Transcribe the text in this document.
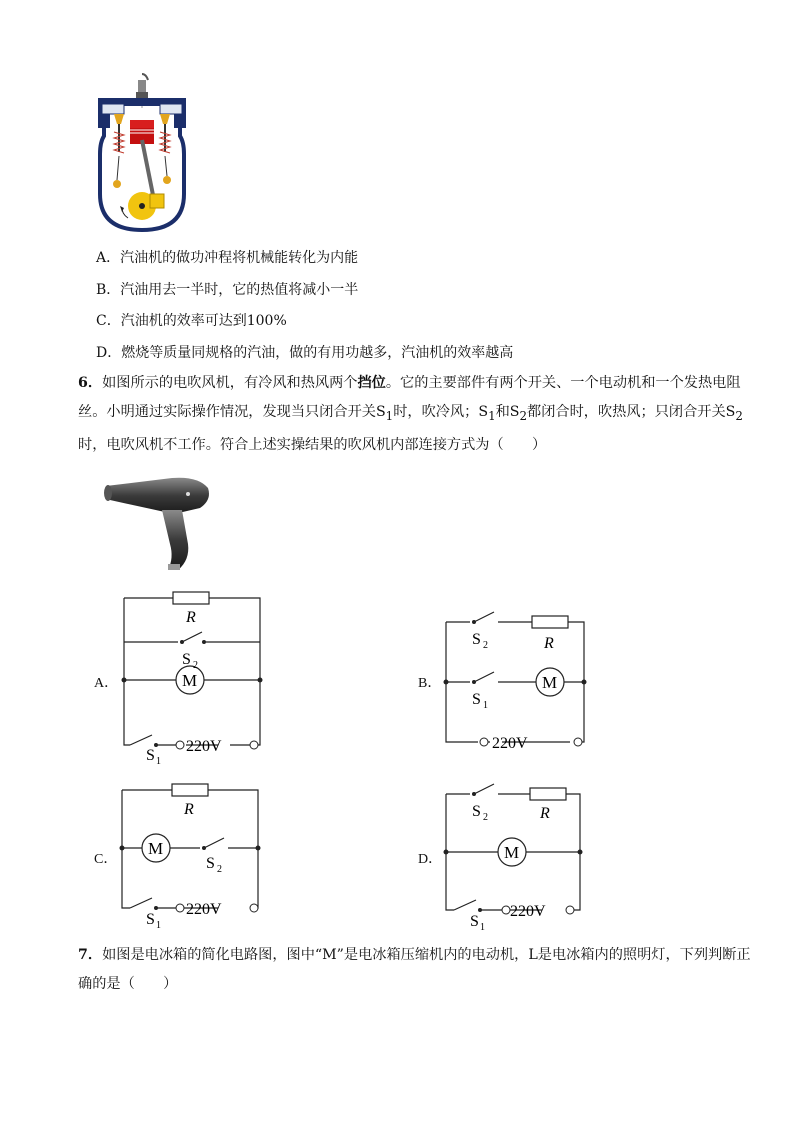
A．汽油机的做功冲程将机械能转化为内能
B．汽油用去一半时，它的热值将减小一半
C．汽油机的效率可达到100%
D．燃烧等质量同规格的汽油，做的有用功越多，汽油机的效率越高
6．如图所示的电吹风机，有冷风和热风两个挡位。它的主要部件有两个开关、一个电动机和一个发热电阻丝。小明通过实际操作情况，发现当只闭合开关$S_1$时，吹冷风；$S_1$和$S_2$都闭合时，吹热风；只闭合开关$S_2$时，电吹风机不工作。符合上述实操结果的吹风机内部连接方式为（　　）
A．
R
M
S 2
S 1
220V
B．
R
M
S 2
S 1
220V
C．
R
M
S 2
S 1
220V
D．
R
M
S 2
S 1
220V
7．如图是电冰箱的简化电路图，图中“M”是电冰箱压缩机内的电动机，L是电冰箱内的照明灯，下列判断正确的是（　　）
